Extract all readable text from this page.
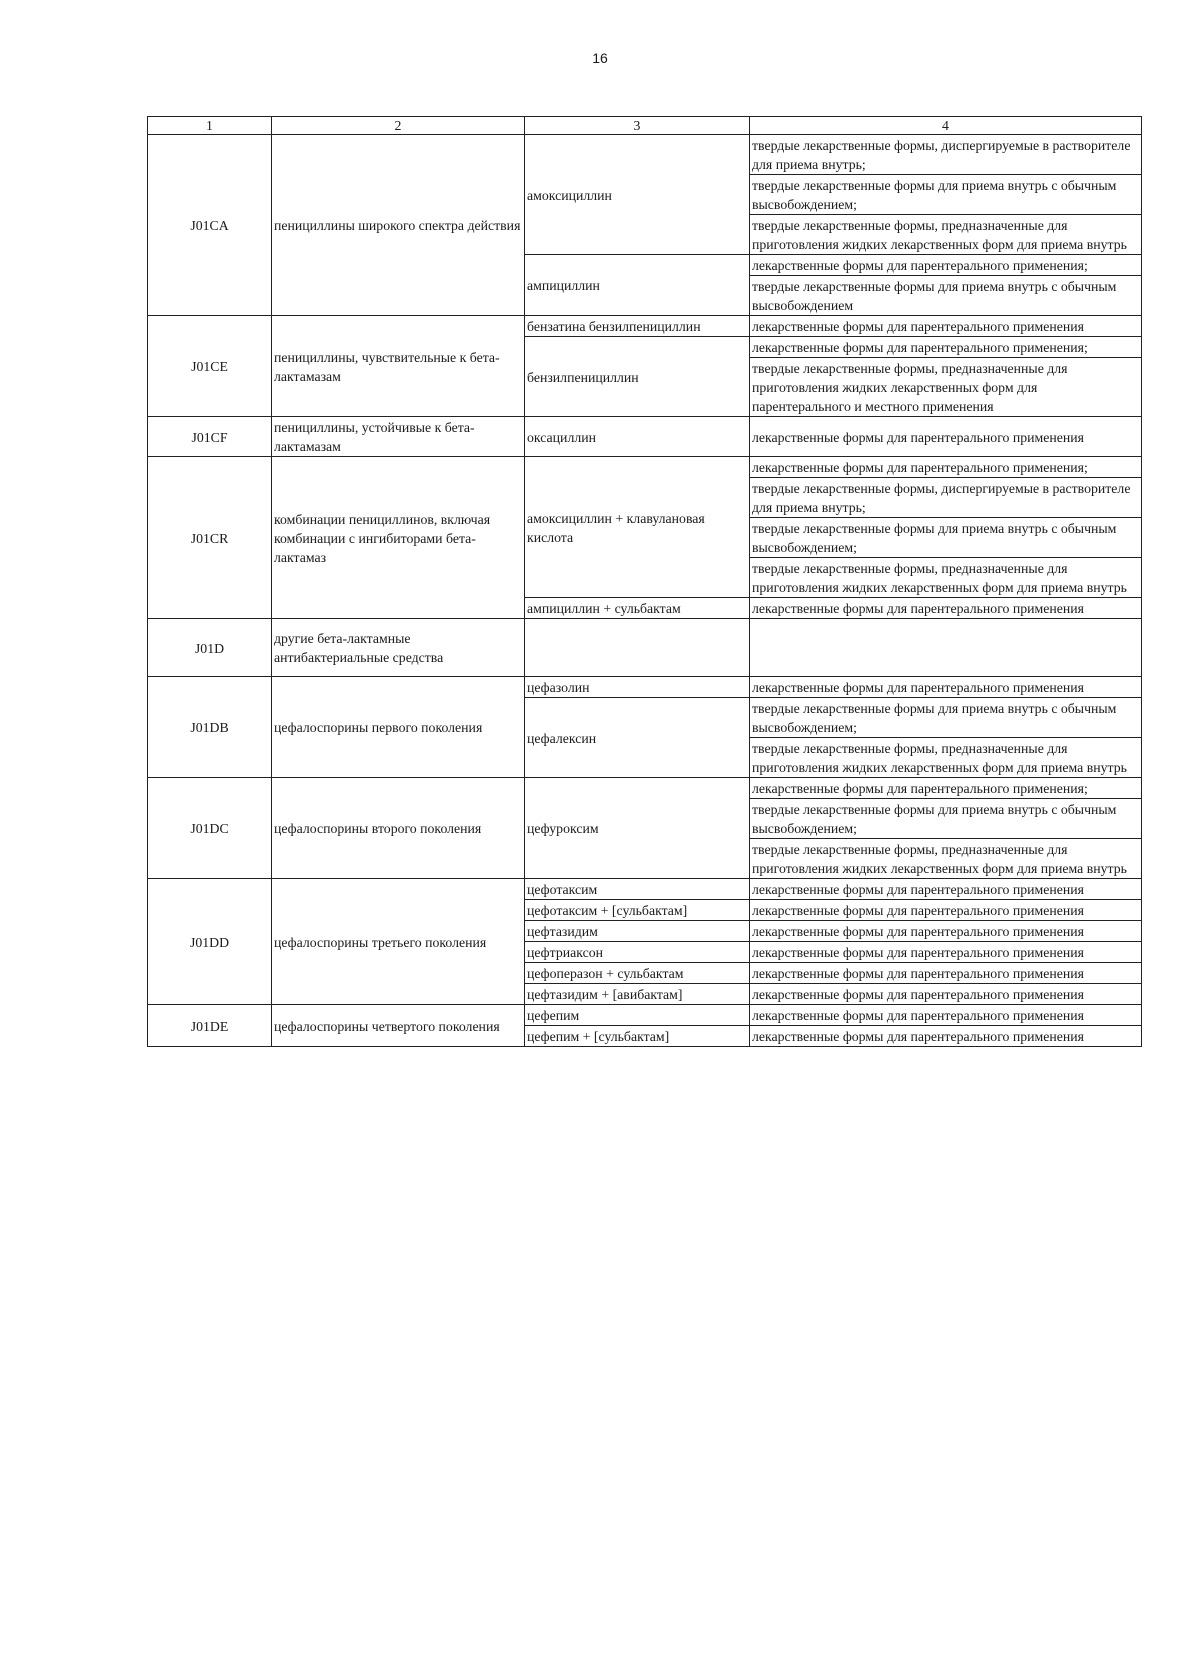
16
1	2	3	4
J01CA	пенициллины широкого спектра действия	амоксициллин	твердые лекарственные формы, диспергируемые в растворителе для приема внутрь;
			твердые лекарственные формы для приема внутрь с обычным высвобождением;
			твердые лекарственные формы, предназначенные для приготовления жидких лекарственных форм для приема внутрь
		ампициллин	лекарственные формы для парентерального применения;
			твердые лекарственные формы для приема внутрь с обычным высвобождением
J01CE	пенициллины, чувствительные к бета-лактамазам	бензатина бензилпенициллин	лекарственные формы для парентерального применения
		бензилпенициллин	лекарственные формы для парентерального применения;
			твердые лекарственные формы, предназначенные для приготовления жидких лекарственных форм для парентерального и местного применения
J01CF	пенициллины, устойчивые к бета-лактамазам	оксациллин	лекарственные формы для парентерального применения
J01CR	комбинации пенициллинов, включая комбинации с ингибиторами бета-лактамаз	амоксициллин + клавулановая кислота	лекарственные формы для парентерального применения;
			твердые лекарственные формы, диспергируемые в растворителе для приема внутрь;
			твердые лекарственные формы для приема внутрь с обычным высвобождением;
			твердые лекарственные формы, предназначенные для приготовления жидких лекарственных форм для приема внутрь
		ампициллин + сульбактам	лекарственные формы для парентерального применения
J01D	другие бета-лактамные антибактериальные средства		
J01DB	цефалоспорины первого поколения	цефазолин	лекарственные формы для парентерального применения
		цефалексин	твердые лекарственные формы для приема внутрь с обычным высвобождением;
			твердые лекарственные формы, предназначенные для приготовления жидких лекарственных форм для приема внутрь
J01DC	цефалоспорины второго поколения	цефуроксим	лекарственные формы для парентерального применения;
			твердые лекарственные формы для приема внутрь с обычным высвобождением;
			твердые лекарственные формы, предназначенные для приготовления жидких лекарственных форм для приема внутрь
J01DD	цефалоспорины третьего поколения	цефотаксим	лекарственные формы для парентерального применения
		цефотаксим + [сульбактам]	лекарственные формы для парентерального применения
		цефтазидим	лекарственные формы для парентерального применения
		цефтриаксон	лекарственные формы для парентерального применения
		цефоперазон + сульбактам	лекарственные формы для парентерального применения
		цефтазидим + [авибактам]	лекарственные формы для парентерального применения
J01DE	цефалоспорины четвертого поколения	цефепим	лекарственные формы для парентерального применения
		цефепим + [сульбактам]	лекарственные формы для парентерального применения
